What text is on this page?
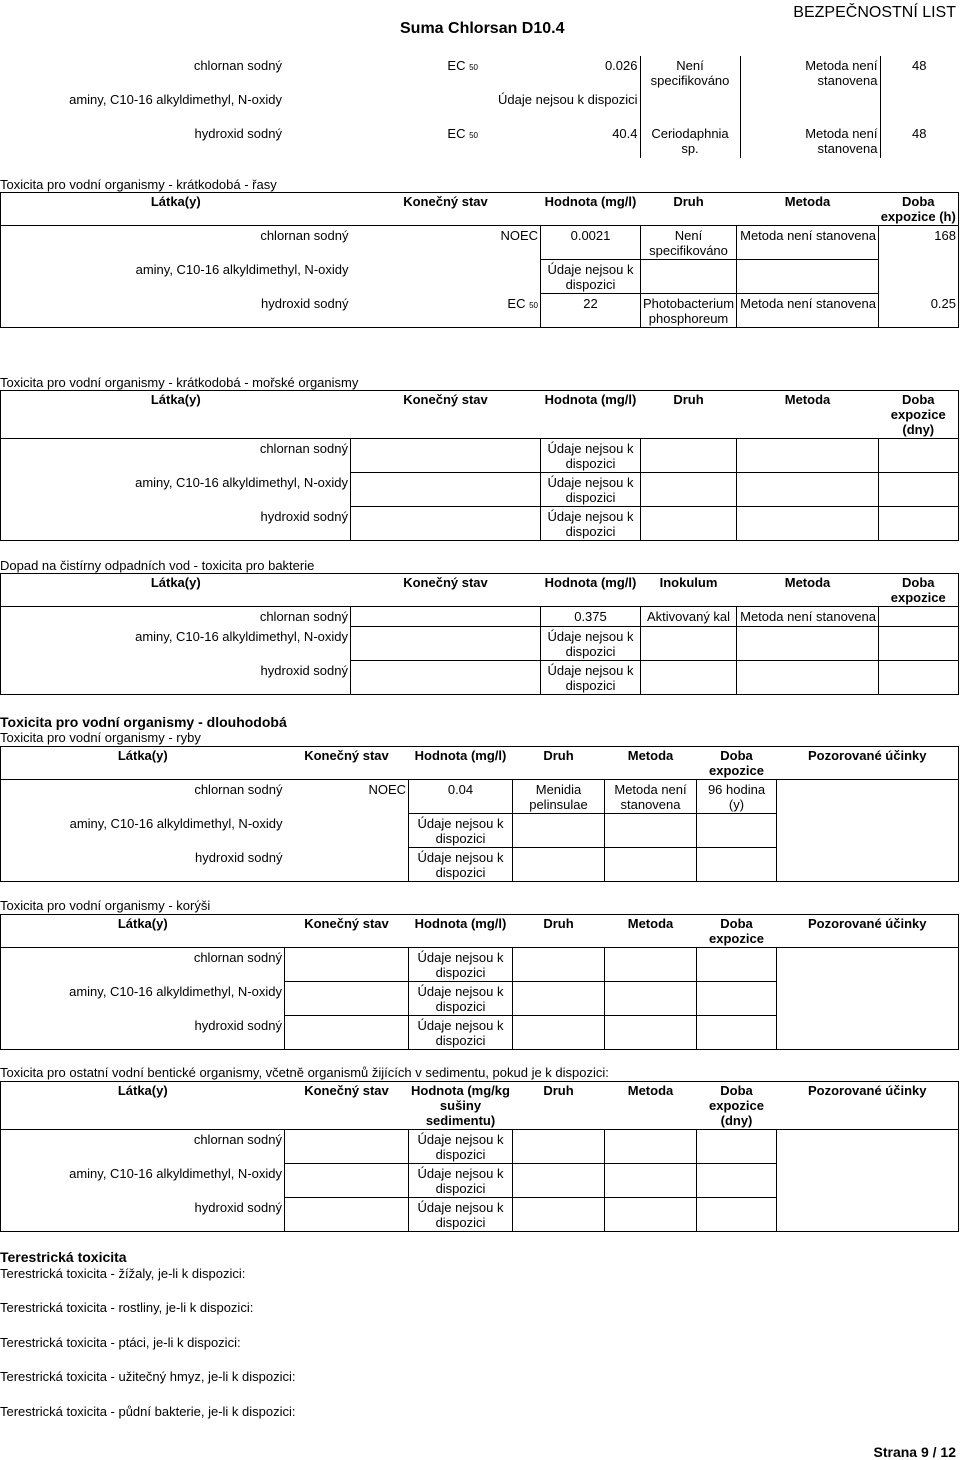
BEZPEČNOSTNÍ LIST
Suma Chlorsan D10.4
chlornan sodný	EC 50	0.026	Není specifikováno	Metoda není stanovena	48
aminy, C10-16 alkyldimethyl, N-oxidy		Údaje nejsou k dispozici			
hydroxid sodný	EC 50	40.4	Ceriodaphnia sp.	Metoda není stanovena	48
Toxicita pro vodní organismy - krátkodobá - řasy
Látka(y)	Konečný stav	Hodnota (mg/l)	Druh	Metoda	Doba expozice (h)
chlornan sodný	NOEC	0.0021	Není specifikováno	Metoda není stanovena	168
aminy, C10-16 alkyldimethyl, N-oxidy		Údaje nejsou k dispozici			
hydroxid sodný	EC 50	22	Photobacterium phosphoreum	Metoda není stanovena	0.25
Toxicita pro vodní organismy - krátkodobá - mořské organismy
Látka(y)	Konečný stav	Hodnota (mg/l)	Druh	Metoda	Doba expozice (dny)
chlornan sodný		Údaje nejsou k dispozici			
aminy, C10-16 alkyldimethyl, N-oxidy		Údaje nejsou k dispozici			
hydroxid sodný		Údaje nejsou k dispozici			
Dopad na čistírny odpadních vod - toxicita pro bakterie
Látka(y)	Konečný stav	Hodnota (mg/l)	Inokulum	Metoda	Doba expozice
chlornan sodný		0.375	Aktivovaný kal	Metoda není stanovena	
aminy, C10-16 alkyldimethyl, N-oxidy		Údaje nejsou k dispozici			
hydroxid sodný		Údaje nejsou k dispozici			
Toxicita pro vodní organismy - dlouhodobá
Toxicita pro vodní organismy - ryby
Látka(y)	Konečný stav	Hodnota (mg/l)	Druh	Metoda	Doba expozice	Pozorované účinky
chlornan sodný	NOEC	0.04	Menidia pelinsulae	Metoda není stanovena	96 hodina (y)	
aminy, C10-16 alkyldimethyl, N-oxidy		Údaje nejsou k dispozici				
hydroxid sodný		Údaje nejsou k dispozici				
Toxicita pro vodní organismy - korýši
Látka(y)	Konečný stav	Hodnota (mg/l)	Druh	Metoda	Doba expozice	Pozorované účinky
chlornan sodný		Údaje nejsou k dispozici				
aminy, C10-16 alkyldimethyl, N-oxidy		Údaje nejsou k dispozici				
hydroxid sodný		Údaje nejsou k dispozici				
Toxicita pro ostatní vodní bentické organismy, včetně organismů žijících v sedimentu, pokud je k dispozici:
Látka(y)	Konečný stav	Hodnota (mg/kg sušiny sedimentu)	Druh	Metoda	Doba expozice (dny)	Pozorované účinky
chlornan sodný		Údaje nejsou k dispozici				
aminy, C10-16 alkyldimethyl, N-oxidy		Údaje nejsou k dispozici				
hydroxid sodný		Údaje nejsou k dispozici				
Terestrická toxicita
Terestrická toxicita - žížaly, je-li k dispozici:
Terestrická toxicita - rostliny, je-li k dispozici:
Terestrická toxicita - ptáci, je-li k dispozici:
Terestrická toxicita - užitečný hmyz, je-li k dispozici:
Terestrická toxicita - půdní bakterie, je-li k dispozici:
Strana 9 / 12
